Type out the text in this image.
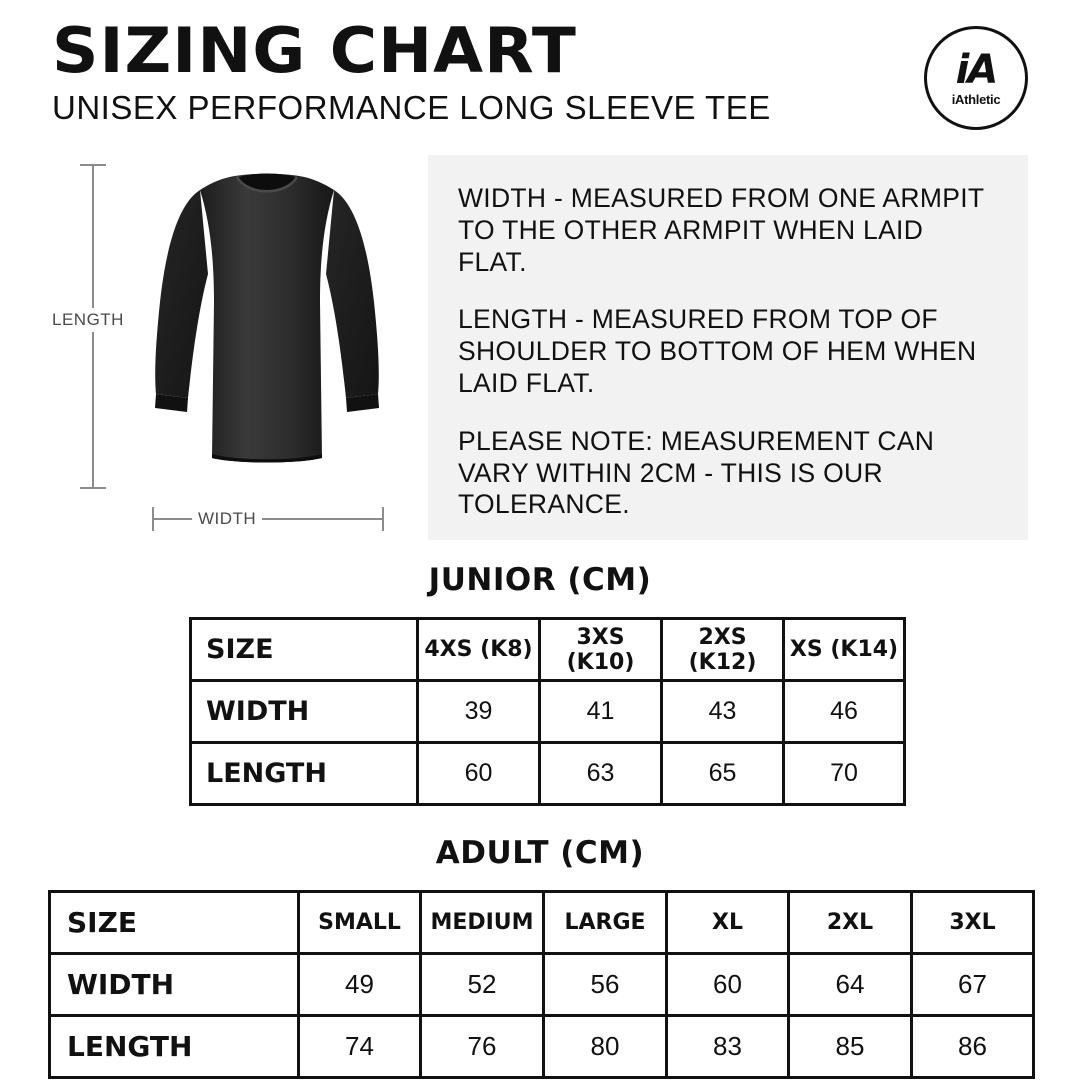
SIZING CHART
UNISEX PERFORMANCE LONG SLEEVE TEE
iA
iAthletic
LENGTH
WIDTH

WIDTH - MEASURED FROM ONE ARMPIT TO THE OTHER ARMPIT WHEN LAID FLAT.

LENGTH - MEASURED FROM TOP OF SHOULDER TO BOTTOM OF HEM WHEN LAID FLAT.

PLEASE NOTE: MEASUREMENT CAN VARY WITHIN 2CM - THIS IS OUR TOLERANCE.

JUNIOR (CM)
SIZE	4XS (K8)	3XS (K10)	2XS (K12)	XS (K14)
WIDTH	39	41	43	46
LENGTH	60	63	65	70
ADULT (CM)
SIZE	SMALL	MEDIUM	LARGE	XL	2XL	3XL
WIDTH	49	52	56	60	64	67
LENGTH	74	76	80	83	85	86
